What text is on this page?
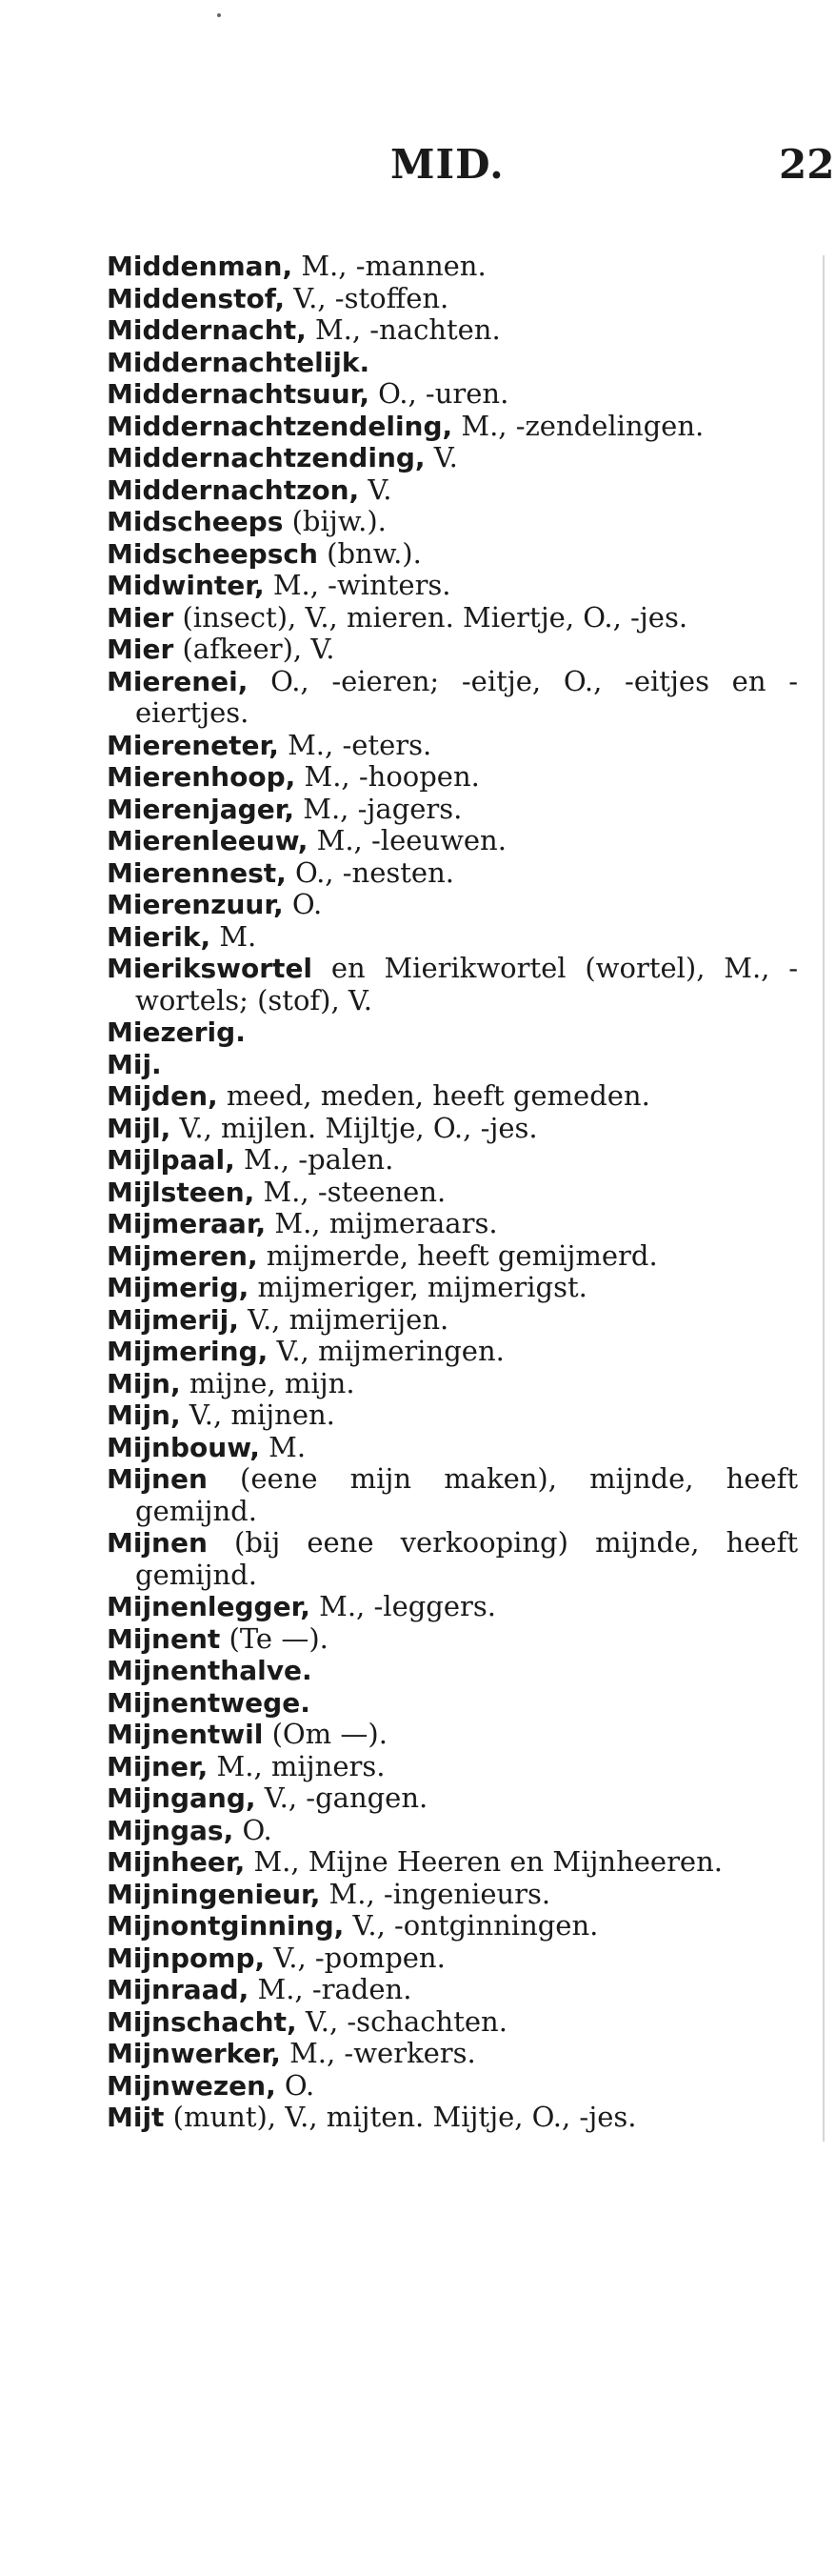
MID.	22

Middenman, M., -mannen.

Middenstof, V., -stoffen.

Middernacht, M., -nachten.

Middernachtelijk.

Middernachtsuur, O., -uren.

Middernachtzendeling, M., -zendelingen.

Middernachtzending, V.

Middernachtzon, V.

Midscheeps (bijw.).

Midscheepsch (bnw.).

Midwinter, M., -winters.

Mier (insect), V., mieren. Miertje, O., -jes.

Mier (afkeer), V.

Mierenei, O., -eieren; -eitje, O., -eitjes en -eiertjes.

Miereneter, M., -eters.

Mierenhoop, M., -hoopen.

Mierenjager, M., -jagers.

Mierenleeuw, M., -leeuwen.

Mierennest, O., -nesten.

Mierenzuur, O.

Mierik, M.

Mierikswortel en Mierikwortel (wortel), M., -wortels; (stof), V.

Miezerig.

Mij.

Mijden, meed, meden, heeft gemeden.

Mijl, V., mijlen. Mijltje, O., -jes.

Mijlpaal, M., -palen.

Mijlsteen, M., -steenen.

Mijmeraar, M., mijmeraars.

Mijmeren, mijmerde, heeft gemijmerd.

Mijmerig, mijmeriger, mijmerigst.

Mijmerij, V., mijmerijen.

Mijmering, V., mijmeringen.

Mijn, mijne, mijn.

Mijn, V., mijnen.

Mijnbouw, M.

Mijnen (eene mijn maken), mijnde, heeft gemijnd.

Mijnen (bij eene verkooping) mijnde, heeft gemijnd.

Mijnenlegger, M., -leggers.

Mijnent (Te —).

Mijnenthalve.

Mijnentwege.

Mijnentwil (Om —).

Mijner, M., mijners.

Mijngang, V., -gangen.

Mijngas, O.

Mijnheer, M., Mijne Heeren en Mijnheeren.

Mijningenieur, M., -ingenieurs.

Mijnontginning, V., -ontginningen.

Mijnpomp, V., -pompen.

Mijnraad, M., -raden.

Mijnschacht, V., -schachten.

Mijnwerker, M., -werkers.

Mijnwezen, O.

Mijt (munt), V., mijten. Mijtje, O., -jes.
